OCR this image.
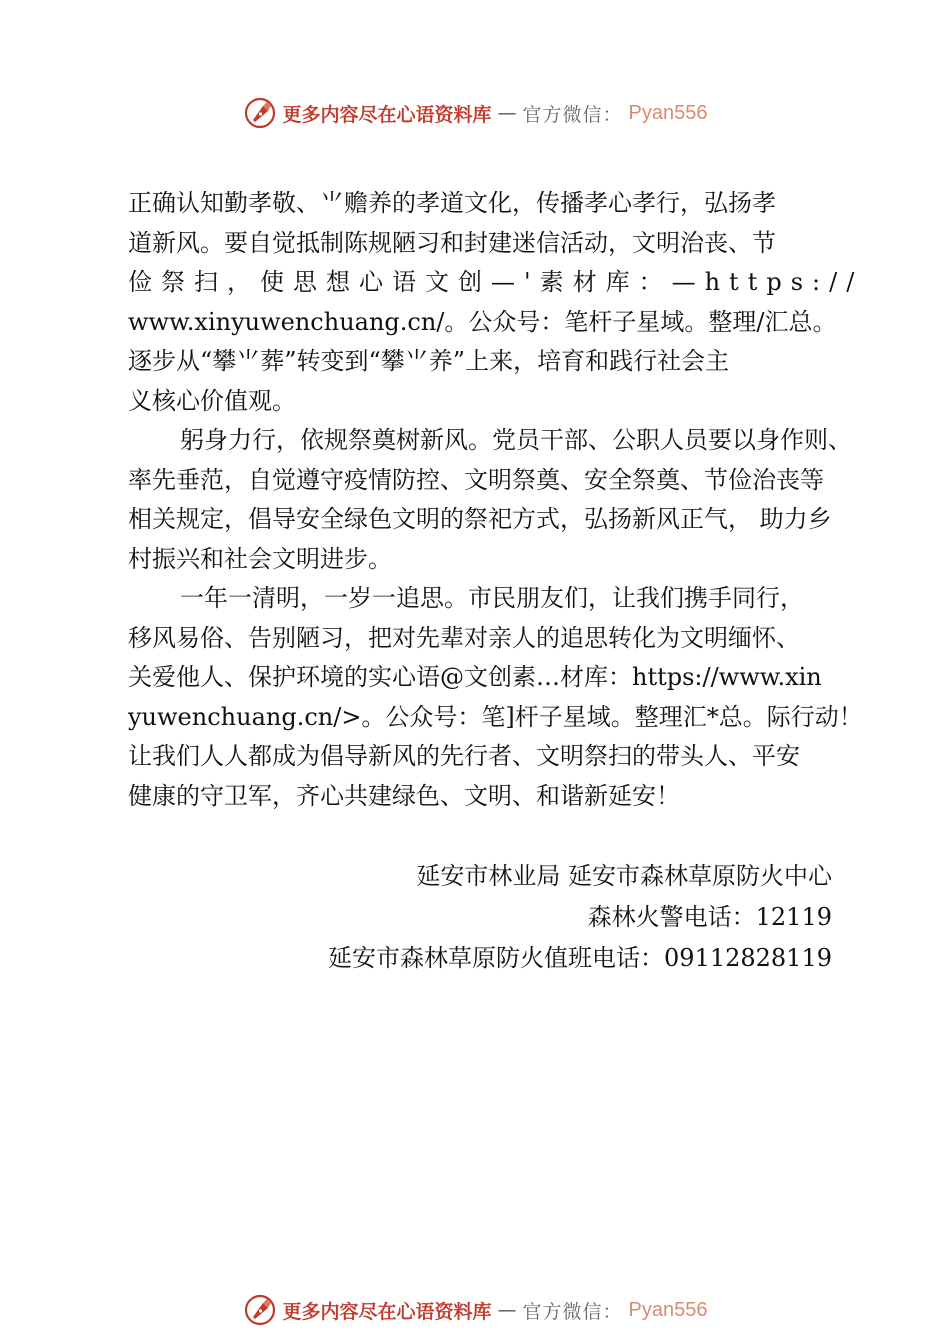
更多内容尽在心语资料库 — 官方微信： Pyan556
正确认知勤孝敬、⺌赡养的孝道文化，传播孝心孝行，弘扬孝
道新风。要自觉抵制陈规陋习和封建迷信活动，文明治丧、节
俭祭扫，使思想心语文创—'素材库：—https://
www.xinyuwenchuang.cn/。公众号：笔杆子星域。整理/汇总。
逐步从“攀⺌葬”转变到“攀⺌养”上来，培育和践行社会主
义核心价值观。
躬身力行，依规祭奠树新风。党员干部、公职人员要以身作则、
率先垂范，自觉遵守疫情防控、文明祭奠、安全祭奠、节俭治丧等
相关规定，倡导安全绿色文明的祭祀方式，弘扬新风正气， 助力乡
村振兴和社会文明进步。
一年一清明，一岁一追思。市民朋友们，让我们携手同行，
移风易俗、告别陋习，把对先辈对亲人的追思转化为文明缅怀、
关爱他人、保护环境的实心语@文创素…材库：https://www.xin
yuwenchuang.cn/>。公众号：笔]杆子星域。整理汇*总。际行动！
让我们人人都成为倡导新风的先行者、文明祭扫的带头人、平安
健康的守卫军，齐心共建绿色、文明、和谐新延安！
延安市林业局 延安市森林草原防火中心
森林火警电话：12119
延安市森林草原防火值班电话：09112828119
更多内容尽在心语资料库 — 官方微信： Pyan556
